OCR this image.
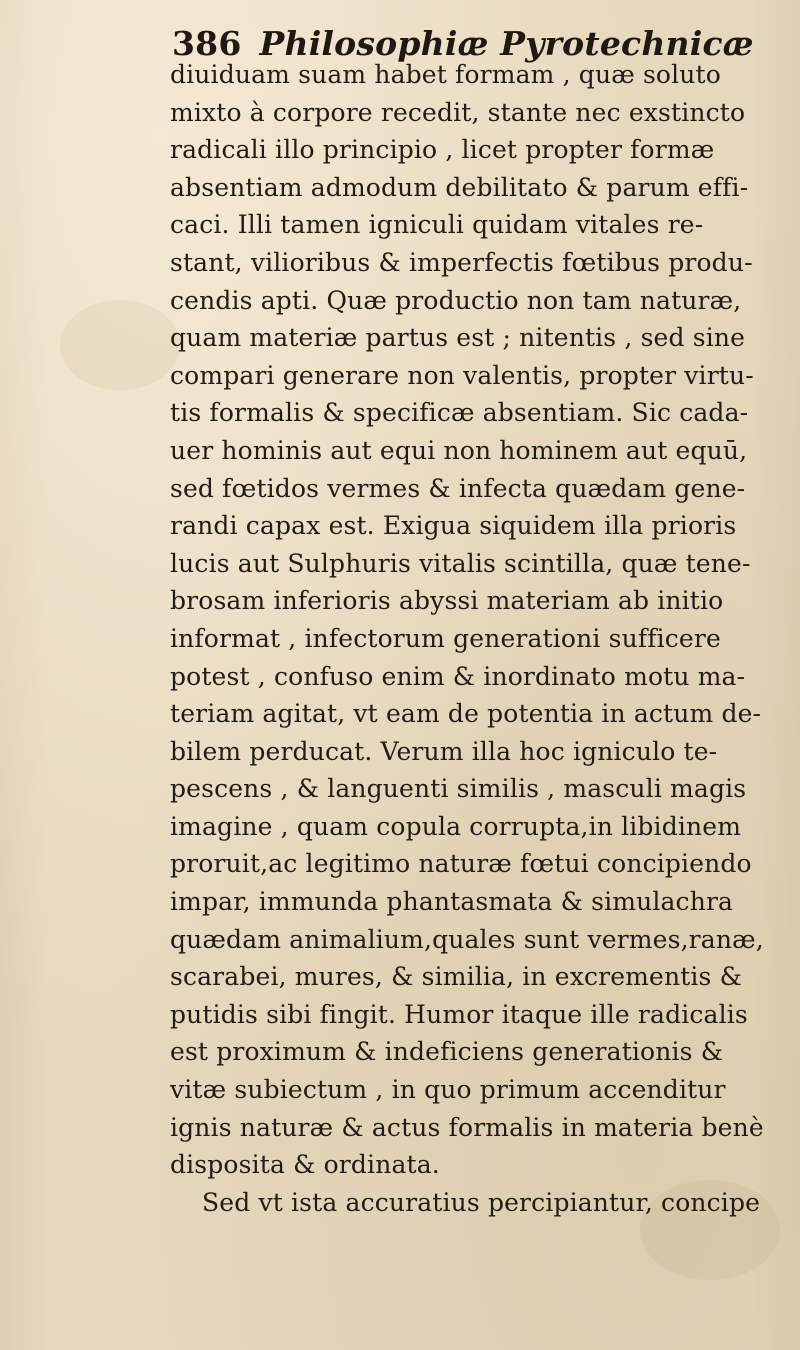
386 Philosophiæ Pyrotechnicæ
diuiduam suam habet formam , quæ soluto
mixto à corpore recedit, stante nec exstincto
radicali illo principio , licet propter formæ
absentiam admodum debilitato & parum effi-
caci. Illi tamen igniculi quidam vitales re-
stant, vilioribus & imperfectis fœtibus produ-
cendis apti. Quæ productio non tam naturæ,
quam materiæ partus est ; nitentis , sed sine
compari generare non valentis, propter virtu-
tis formalis & specificæ absentiam. Sic cada-
uer hominis aut equi non hominem aut equū,
sed fœtidos vermes & infecta quædam gene-
randi capax est. Exigua siquidem illa prioris
lucis aut Sulphuris vitalis scintilla, quæ tene-
brosam inferioris abyssi materiam ab initio
informat , infectorum generationi sufficere
potest , confuso enim & inordinato motu ma-
teriam agitat, vt eam de potentia in actum de-
bilem perducat. Verum illa hoc igniculo te-
pescens , & languenti similis , masculi magis
imagine , quam copula corrupta,in libidinem
proruit,ac legitimo naturæ fœtui concipiendo
impar, immunda phantasmata & simulachra
quædam animalium,quales sunt vermes,ranæ,
scarabei, mures, & similia, in excrementis &
putidis sibi fingit. Humor itaque ille radicalis
est proximum & indeficiens generationis &
vitæ subiectum , in quo primum accenditur
ignis naturæ & actus formalis in materia benè
disposita & ordinata.
Sed vt ista accuratius percipiantur, concipe
